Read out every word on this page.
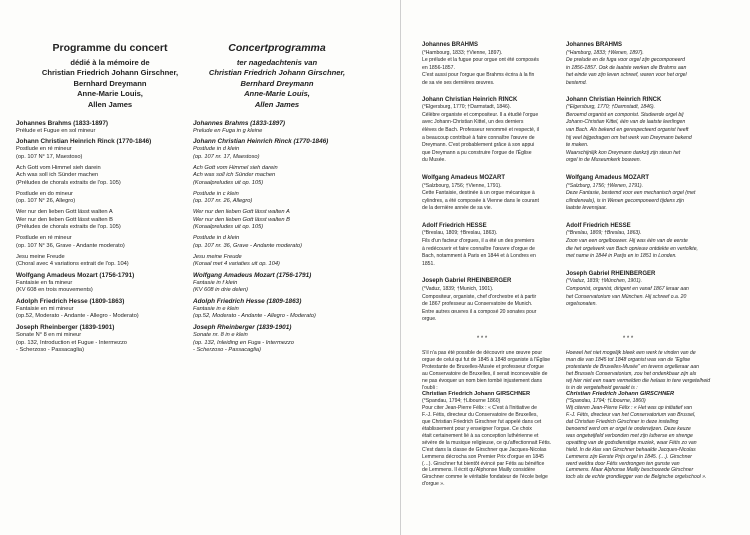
Programme du concert
dédié à la mémoire de
Christian Friedrich Johann Girschner,
Bernhard Dreymann
Anne-Marie Louis,
Allen James

Johannes Brahms (1833-1897)

Prélude et Fugue en sol mineur

Johann Christian Heinrich Rinck (1770-1846)

Postlude en ré mineur

(op. 107 N° 17, Maestoso)

Ach Gott vom Himmel sieh darein

Ach was soll ich Sünder machen

(Préludes de chorals extraits de l'op. 105)

Postlude en do mineur

(op. 107 N° 26, Allegro)

Wer nur den lieben Gott lässt walten A

Wer nur den lieben Gott lässt walten B

(Préludes de chorals extraits de l'op. 105)

Postlude en ré mineur

(op. 107 N° 36, Grave - Andante moderato)

Jesu meine Freude

(Choral avec 4 variations extrait de l'op. 104)

Wolfgang Amadeus Mozart (1756-1791)

Fantaisie en fa mineur

(KV 608 en trois mouvements)

Adolph Friedrich Hesse (1809-1863)

Fantaisie en mi mineur

(op.52, Moderato - Andante - Allegro - Moderato)

Joseph Rheinberger (1839-1901)

Sonate N° 8 en mi mineur

(op. 132, Introduction et Fugue - Intermezzo

- Scherzoso - Passacaglia)

Concertprogramma
ter nagedachtenis van
Christian Friedrich Johann Girschner,
Bernhard Dreymann
Anne-Marie Louis,
Allen James

Johannes Brahms (1833-1897)

Prelude en Fuga in g kleine

Johann Christian Heinrich Rinck (1770-1846)

Postlude in d klein

(op. 107 nr. 17, Maestoso)

Ach Gott vom Himmel sieh darein

Ach was soll ich Sünder machen

(Koraalpreludes uit op. 105)

Postlude in c klein

(op. 107 nr. 26, Allegro)

Wer nur den lieben Gott lässt walten A

Wer nur den lieben Gott lässt walten B

(Koraalpreludes uit op. 105)

Postlude in d klein

(op. 107 nr. 36, Grave - Andante moderato)

Jesu meine Freude

(Koraal met 4 variaties uit op. 104)

Wolfgang Amadeus Mozart (1756-1791)

Fantasie in f klein

(KV 608 in drie delen)

Adolph Friedrich Hesse (1809-1863)

Fantasie in e klein

(op.52, Moderato - Andante - Allegro - Moderato)

Joseph Rheinberger (1839-1901)

Sonate nr. 8 in e klein

(op. 132, Inleiding en Fuga - Intermezzo

- Scherzoso - Passacaglia)

Johannes BRAHMS

(°Hambourg, 1833; †Vienne, 1897).

Le prélude et la fugue pour orgue ont été composés

en 1856-1857.

C'est aussi pour l'orgue que Brahms écrira à la fin

de sa vie ses dernières œuvres.

Johann Christian Heinrich RINCK

(°Elgersburg, 1770; †Darmstadt, 1846).

Célèbre organiste et compositeur. Il a étudié l'orgue

avec Johann-Christian Kittel, un des derniers

élèves de Bach. Professeur renommé et respecté, il

a beaucoup contribué à faire connaître l'œuvre de

Dreymann. C'est probablement grâce à son appui

que Dreymann a pu construire l'orgue de l'Église

du Musée.

Wolfgang Amadeus MOZART

(°Salzbourg, 1756; †Vienne, 1791).

Cette Fantaisie, destinée à un orgue mécanique à

cylindres, a été composée à Vienne dans le courant

de la dernière année de sa vie.

Adolf Friedrich HESSE

(°Breslau, 1809; †Breslau, 1863).

Fils d'un facteur d'orgues, il a été un des premiers

à redécouvrir et faire connaître l'œuvre d'orgue de

Bach, notamment à Paris en 1844 et à Londres en

1851.

Joseph Gabriel RHEINBERGER

(°Vaduz, 1839; †Munich, 1901).

Compositeur, organiste, chef d'orchestre et à partir

de 1867 professeur au Conservatoire de Munich.

Entre autres œuvres il a composé 20 sonates pour

orgue.

Johannes BRAHMS

(°Hamburg, 1833; †Wenen, 1897).

De prelude en de fuga voor orgel zijn gecomponeerd

in 1856-1857. Ook de laatste werken die Brahms aan

het einde van zijn leven schreef, waren voor het orgel

bestemd.

Johann Christian Heinrich RINCK

(°Elgersburg, 1770; †Darmstadt, 1846).

Beroemd organist en componist. Studeerde orgel bij

Johann-Christian Kittel, één van de laatste leerlingen

van Bach. Als bekend en gerespecteerd organist heeft

hij veel bijgedragen om het werk van Dreymann bekend

te maken.

Waarschijnlijk kon Dreymann dankzij zijn steun het

orgel in de Museumkerk bouwen.

Wolfgang Amadeus MOZART

(°Salzburg, 1756; †Wenen, 1791).

Deze Fantasie, bestemd voor een mechanisch orgel (met

cilinderwals), is in Wenen gecomponeerd tijdens zijn

laatste levensjaar.

Adolf Friedrich HESSE

(°Breslau, 1809; †Breslau, 1863).

Zoon van een orgelbouwer. Hij was één van de eerste

die het orgelwerk van Bach opnieuw ontdekte en vertolkte,

met name in 1844 in Parijs en in 1851 in Londen.

Joseph Gabriel RHEINBERGER

(°Vaduz, 1839; †München, 1901).

Componist, organist, dirigent en vanaf 1867 leraar aan

het Conservatorium van München. Hij schreef o.a. 20

orgelsonaten.

* * *	* * *

S'il n'a pas été possible de découvrir une œuvre pour

orgue de celui qui fut de 1845 à 1848 organiste à l'Église

Protestante de Bruxelles-Musée et professeur d'orgue

au Conservatoire de Bruxelles, il serait inconcevable de

ne pas évoquer un nom bien tombé injustement dans

l'oubli :

Christian Friedrich Johann GIRSCHNER

(°Spandau, 1794; †Libourne 1860)

Pour citer Jean-Pierre Félix : « C'est à l'initiative de

F.-J. Fétis, directeur du Conservatoire de Bruxelles,

que Christian Friedrich Girschner fut appelé dans cet

établissement pour y enseigner l'orgue. Ce choix

était certainement lié à sa conception luthérienne et

sévère de la musique religieuse, ce qu'affectionnait Fétis.

C'est dans la classe de Girschner que Jacques-Nicolas

Lemmens décrocha son Premier Prix d'orgue en 1845

(…). Girschner fut bientôt évincé par Fétis au bénéfice

de Lemmens. Il écrit qu'Alphonse Mailly considère

Girschner comme le véritable fondateur de l'école belge

d'orgue ».

Hoewel het niet mogelijk bleek een werk te vinden van de

man die van 1845 tot 1848 organist was van de "Eglise

protestante de Bruxelles-Musée" en tevens orgelleraar aan

het Brussels Conservatorium, zou het ondenkbaar zijn als

wij hier niet een naam vermelden die helaas in tere vergetelheid

is in de vergetelheid geraakt is :

Christian Friedrich Johann GIRSCHNER

(°Spandau, 1794; †Libourne, 1860)

Wij citeren Jean-Pierre Félix : « Het was op initiatief van

F.-J. Fétis, directeur van het Conservatorium van Brussel,

dat Christian Friedrich Girschner in deze instelling

benoemd werd om er orgel te onderwijzen. Deze keuze

was ongetwijfeld verbonden met zijn lutherse en strenge

opvatting van de godsdienstige muziek, waar Fétis zo van

hield. In de klas van Girschner behaalde Jacques-Nicolas

Lemmens zijn Eerste Prijs orgel in 1845. (…). Girschner

werd weldra door Fétis verdrongen ten gunste van

Lemmens. Maar Alphonse Mailly beschouwde Girschner

toch als de echte grondlegger van de Belgische orgelschool ».
